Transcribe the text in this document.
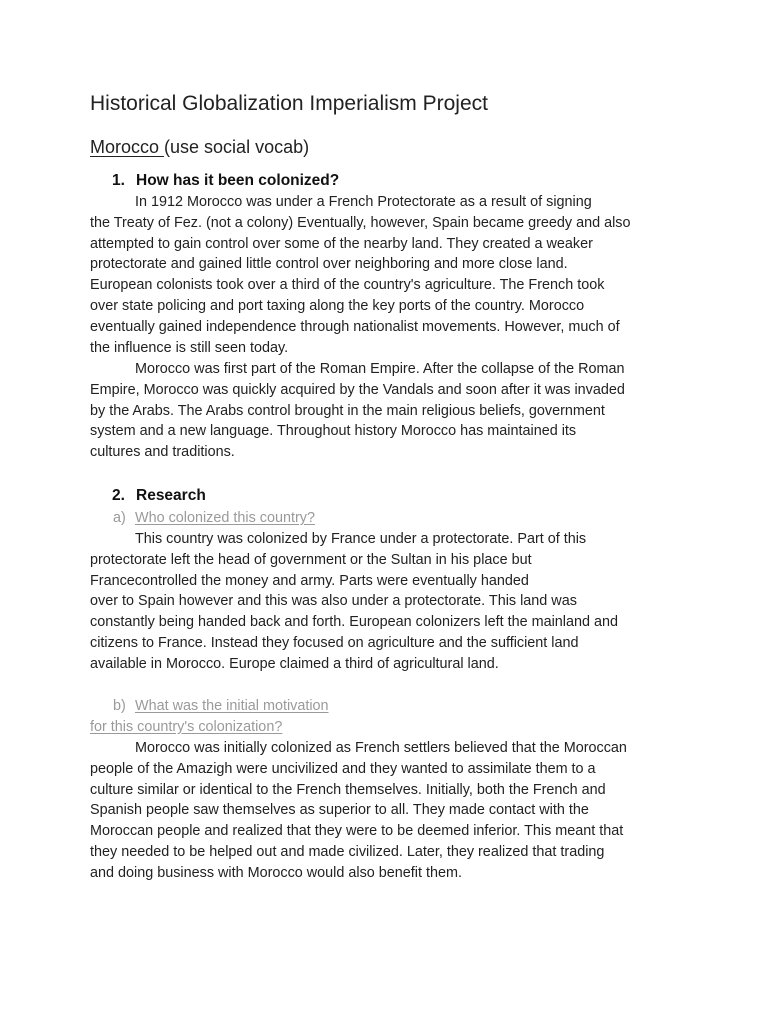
Historical Globalization Imperialism Project
Morocco (use social vocab)
1. How has it been colonized?
In 1912 Morocco was under a French Protectorate as a result of signing
the Treaty of Fez. (not a colony) Eventually, however, Spain became greedy and also
attempted to gain control over some of the nearby land. They created a weaker
protectorate and gained little control over neighboring and more close land.
European colonists took over a third of the country's agriculture. The French took
over state policing and port taxing along the key ports of the country. Morocco
eventually gained independence through nationalist movements. However, much of
the influence is still seen today.
Morocco was first part of the Roman Empire. After the collapse of the Roman
Empire, Morocco was quickly acquired by the Vandals and soon after it was invaded
by the Arabs. The Arabs control brought in the main religious beliefs, government
system and a new language. Throughout history Morocco has maintained its
cultures and traditions.
2. Research
a) Who colonized this country?
This country was colonized by France under a protectorate. Part of this
protectorate left the head of government or the Sultan in his place but
Francecontrolled the money and army. Parts were eventually handed
over to Spain however and this was also under a protectorate. This land was
constantly being handed back and forth. European colonizers left the mainland and
citizens to France. Instead they focused on agriculture and the sufficient land
available in Morocco. Europe claimed a third of agricultural land.
b) What was the initial motivation
for this country's colonization?
Morocco was initially colonized as French settlers believed that the Moroccan
people of the Amazigh were uncivilized and they wanted to assimilate them to a
culture similar or identical to the French themselves. Initially, both the French and
Spanish people saw themselves as superior to all. They made contact with the
Moroccan people and realized that they were to be deemed inferior. This meant that
they needed to be helped out and made civilized. Later, they realized that trading
and doing business with Morocco would also benefit them.
